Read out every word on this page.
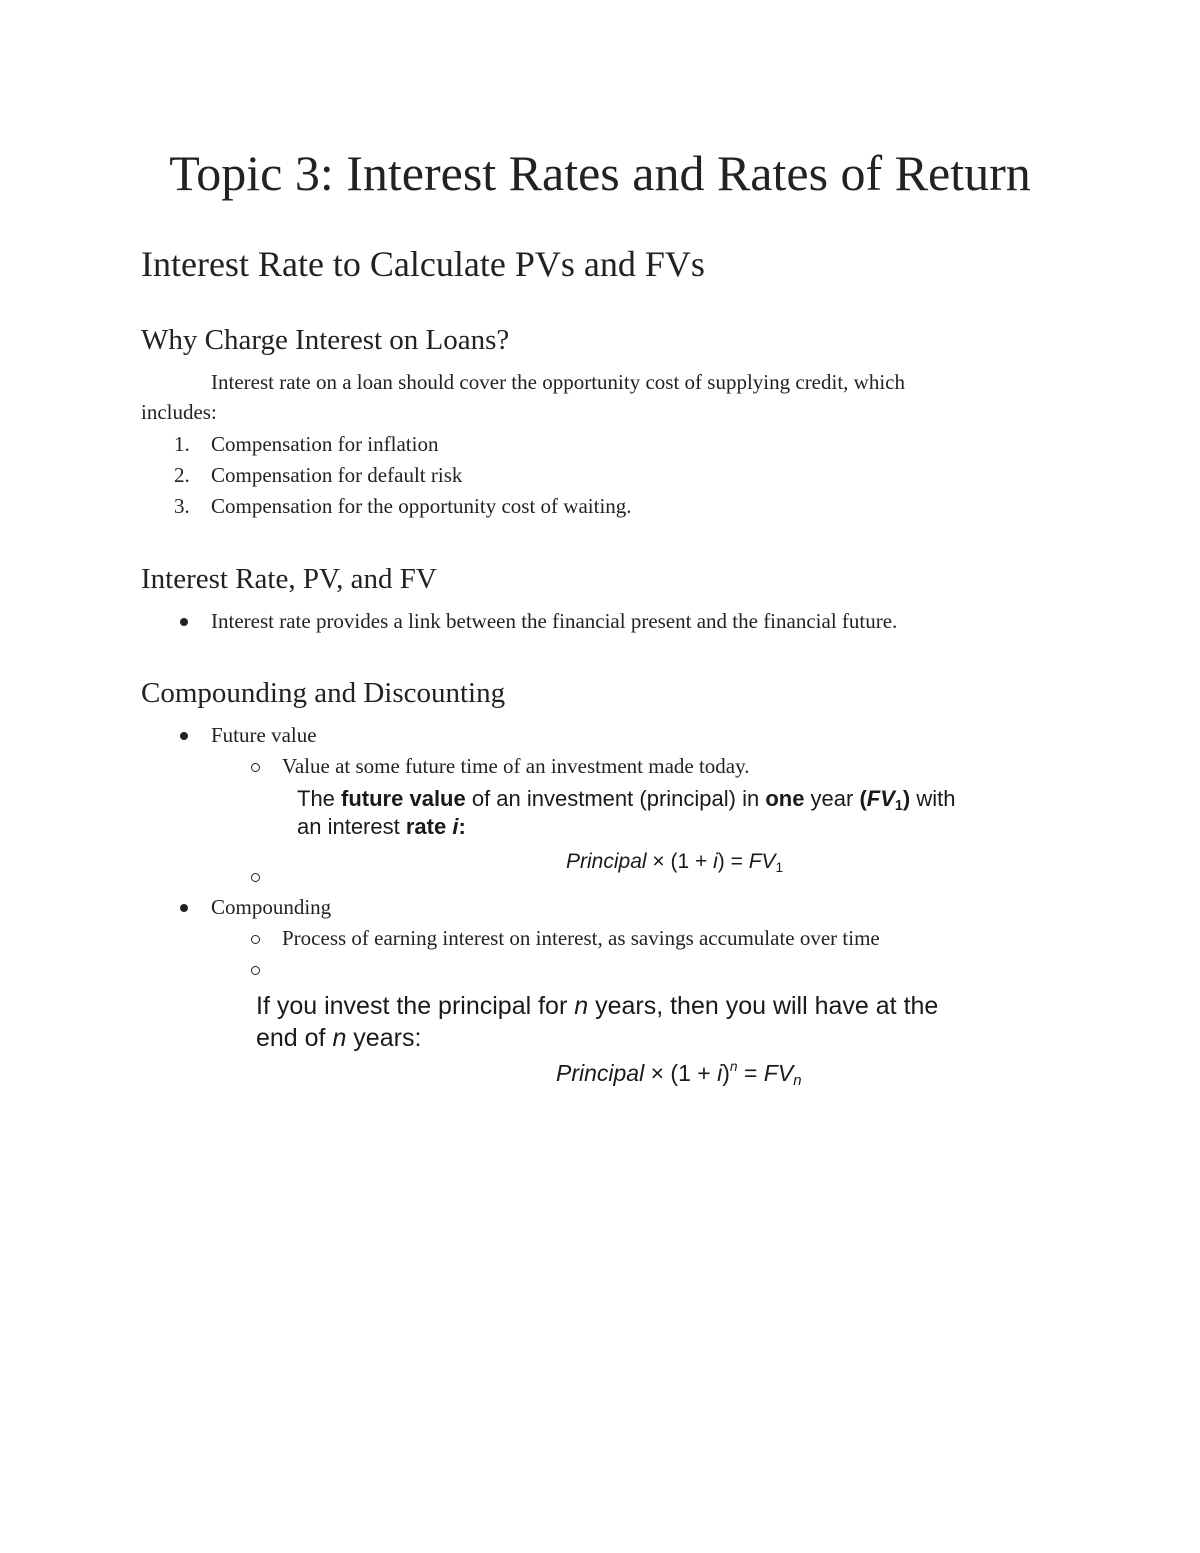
Topic 3: Interest Rates and Rates of Return
Interest Rate to Calculate PVs and FVs
Why Charge Interest on Loans?
Interest rate on a loan should cover the opportunity cost of supplying credit, which
includes:
1. Compensation for inflation
2. Compensation for default risk
3. Compensation for the opportunity cost of waiting.
Interest Rate, PV, and FV
Interest rate provides a link between the financial present and the financial future.
Compounding and Discounting
Future value
Value at some future time of an investment made today.
The future value of an investment (principal) in one year $(FV_1)$ with
an interest rate i:
Principal × $(1 + i) = FV_1$
Compounding
Process of earning interest on interest, as savings accumulate over time
If you invest the principal for n years, then you will have at the
end of n years:
Principal × $(1 + i)^n = FV_n$
